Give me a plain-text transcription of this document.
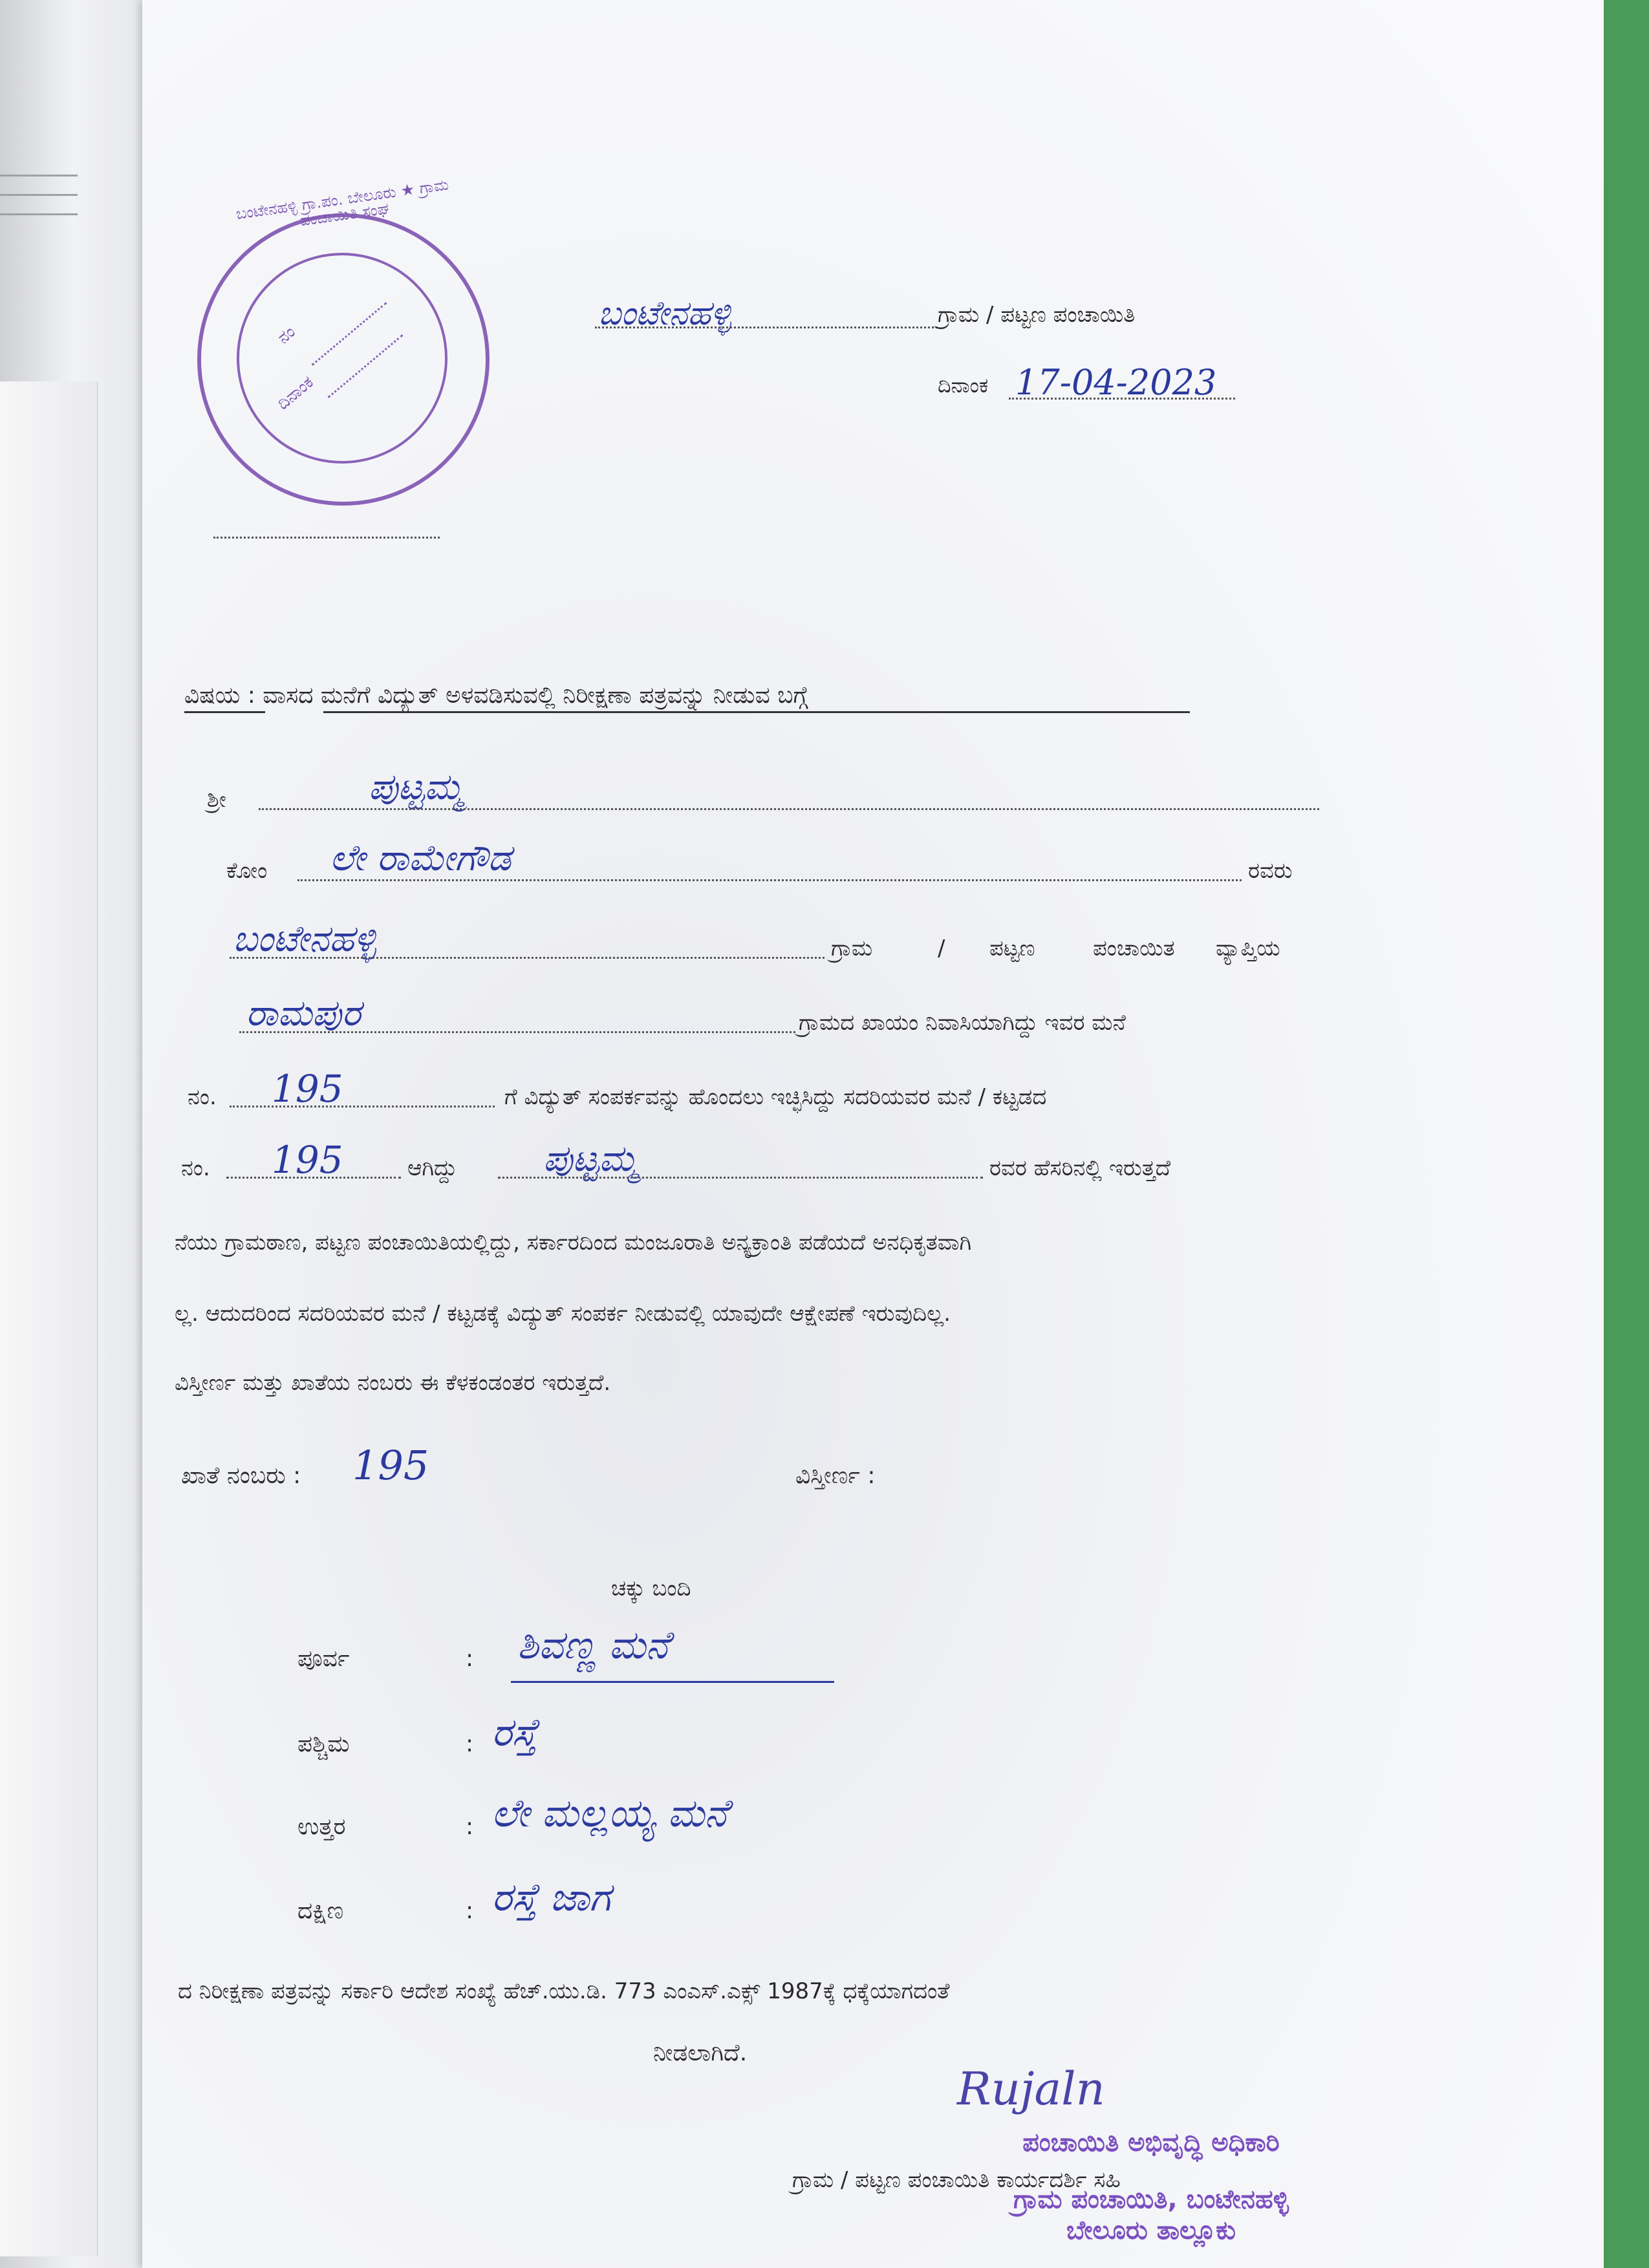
ನಂ
ದಿನಾಂಕ
ಬಂಟೇನಹಳ್ಳಿ ಗ್ರಾ.ಪಂ. ಬೇಲೂರು ★ ಗ್ರಾಮ ಪಂಚಾಯಿತಿ ಸಂಘ
ಬಂಟೇನಹಳ್ಳಿ	ಗ್ರಾಮ / ಪಟ್ಟಣ ಪಂಚಾಯಿತಿ
ದಿನಾಂಕ 17-04-2023
ವಿಷಯ : ವಾಸದ ಮನೆಗೆ ವಿದ್ಯುತ್ ಅಳವಡಿಸುವಲ್ಲಿ ನಿರೀಕ್ಷಣಾ ಪತ್ರವನ್ನು ನೀಡುವ ಬಗ್ಗೆ
ಶ್ರೀ	ಪುಟ್ಟಮ್ಮ
ಕೋಂ ಲೇ ರಾಮೇಗೌಡ	ರವರು
ಬಂಟೇನಹಳ್ಳಿ	ಗ್ರಾಮ	/ ಪಟ್ಟಣ	ಪಂಚಾಯಿತ ವ್ಯಾಪ್ತಿಯ
ರಾಮಪುರ	ಗ್ರಾಮದ ಖಾಯಂ ನಿವಾಸಿಯಾಗಿದ್ದು ಇವರ ಮನೆ
ನಂ. 195	ಗೆ ವಿದ್ಯುತ್ ಸಂಪರ್ಕವನ್ನು ಹೊಂದಲು ಇಚ್ಛಿಸಿದ್ದು ಸದರಿಯವರ ಮನೆ / ಕಟ್ಟಡದ
ನಂ. 195	ಆಗಿದ್ದು ಪುಟ್ಟಮ್ಮ	ರವರ ಹೆಸರಿನಲ್ಲಿ ಇರುತ್ತದೆ
ನೆಯು ಗ್ರಾಮಠಾಣ, ಪಟ್ಟಣ ಪಂಚಾಯಿತಿಯಲ್ಲಿದ್ದು, ಸರ್ಕಾರದಿಂದ ಮಂಜೂರಾತಿ ಅನ್ಯಕ್ರಾಂತಿ ಪಡೆಯದೆ ಅನಧಿಕೃತವಾಗಿ
ಲ್ಲ. ಆದುದರಿಂದ ಸದರಿಯವರ ಮನೆ / ಕಟ್ಟಡಕ್ಕೆ ವಿದ್ಯುತ್ ಸಂಪರ್ಕ ನೀಡುವಲ್ಲಿ ಯಾವುದೇ ಆಕ್ಷೇಪಣೆ ಇರುವುದಿಲ್ಲ.
ವಿಸ್ತೀರ್ಣ ಮತ್ತು ಖಾತೆಯ ನಂಬರು ಈ ಕೆಳಕಂಡಂತರ ಇರುತ್ತದೆ.
ಖಾತೆ ನಂಬರು : 195	ವಿಸ್ತೀರ್ಣ :
ಚಕ್ಕು ಬಂದಿ
ಪೂರ್ವ	: ಶಿವಣ್ಣ ಮನೆ
ಪಶ್ಚಿಮ	: ರಸ್ತೆ
ಉತ್ತರ	: ಲೇ ಮಲ್ಲಯ್ಯ ಮನೆ
ದಕ್ಷಿಣ	: ರಸ್ತೆ ಜಾಗ
ದ ನಿರೀಕ್ಷಣಾ ಪತ್ರವನ್ನು ಸರ್ಕಾರಿ ಆದೇಶ ಸಂಖ್ಯೆ ಹೆಚ್.ಯು.ಡಿ. 773 ಎಂಎಸ್.ಎಕ್ಸ್ 1987ಕ್ಕೆ ಧಕ್ಕೆಯಾಗದಂತೆ
ನೀಡಲಾಗಿದೆ.
Rujaln
ಗ್ರಾಮ / ಪಟ್ಟಣ ಪಂಚಾಯಿತಿ ಕಾರ್ಯದರ್ಶಿ ಸಹಿ
ಪಂಚಾಯಿತಿ ಅಭಿವೃದ್ಧಿ ಅಧಿಕಾರಿ
ಗ್ರಾಮ ಪಂಚಾಯಿತಿ, ಬಂಟೇನಹಳ್ಳಿ
ಬೇಲೂರು ತಾಲ್ಲೂಕು
